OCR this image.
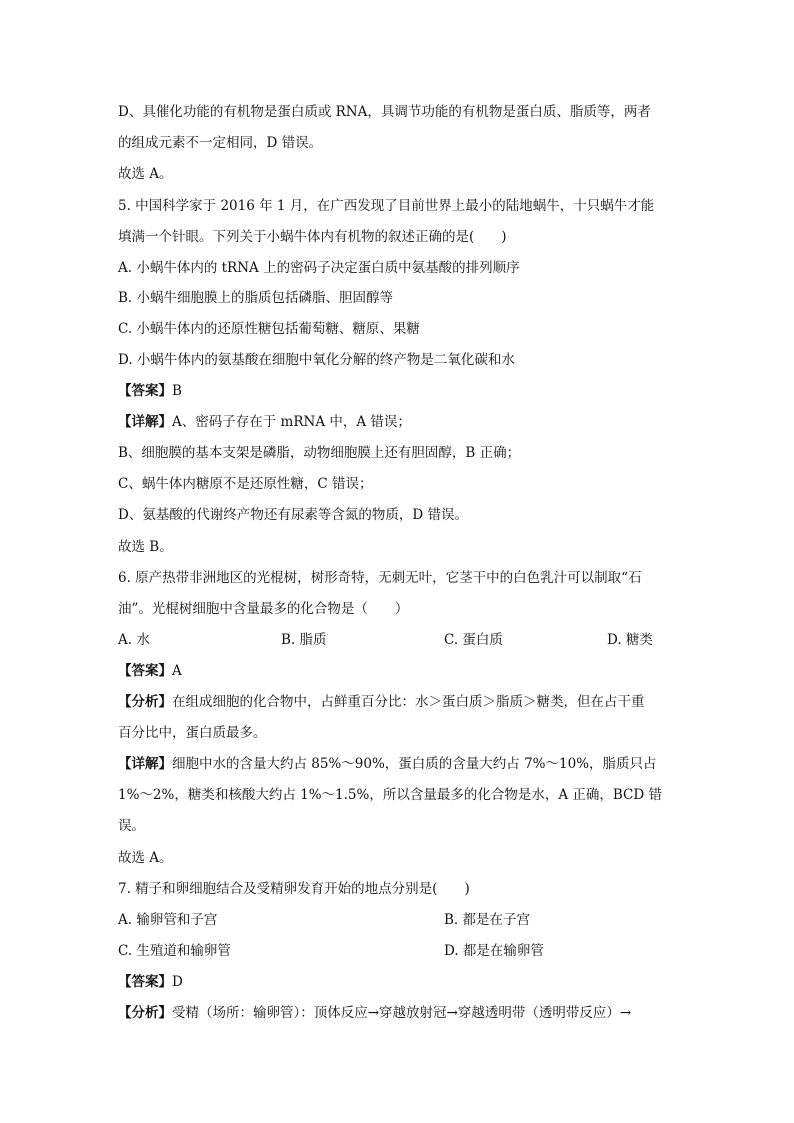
D、具催化功能的有机物是蛋白质或 RNA，具调节功能的有机物是蛋白质、脂质等，两者
的组成元素不一定相同，D 错误。
故选 A。
5. 中国科学家于 2016 年 1 月，在广西发现了目前世界上最小的陆地蜗牛，十只蜗牛才能
填满一个针眼。下列关于小蜗牛体内有机物的叙述正确的是(　　)
A. 小蜗牛体内的 tRNA 上的密码子决定蛋白质中氨基酸的排列顺序
B. 小蜗牛细胞膜上的脂质包括磷脂、胆固醇等
C. 小蜗牛体内的还原性糖包括葡萄糖、糖原、果糖
D. 小蜗牛体内的氨基酸在细胞中氧化分解的终产物是二氧化碳和水
【答案】B
【详解】A、密码子存在于 mRNA 中，A 错误；
B、细胞膜的基本支架是磷脂，动物细胞膜上还有胆固醇，B 正确；
C、蜗牛体内糖原不是还原性糖，C 错误；
D、氨基酸的代谢终产物还有尿素等含氮的物质，D 错误。
故选 B。
6. 原产热带非洲地区的光棍树，树形奇特，无刺无叶，它茎干中的白色乳汁可以制取“石
油”。光棍树细胞中含量最多的化合物是（　　）
A. 水	B. 脂质	C. 蛋白质	D. 糖类
【答案】A
【分析】在组成细胞的化合物中，占鲜重百分比：水＞蛋白质＞脂质＞糖类，但在占干重
百分比中，蛋白质最多。
【详解】细胞中水的含量大约占 85%～90%，蛋白质的含量大约占 7%～10%，脂质只占
1%～2%，糖类和核酸大约占 1%～1.5%，所以含量最多的化合物是水，A 正确，BCD 错
误。
故选 A。
7. 精子和卵细胞结合及受精卵发育开始的地点分别是(　　)
A. 输卵管和子宫	B. 都是在子宫
C. 生殖道和输卵管	D. 都是在输卵管
【答案】D
【分析】受精（场所：输卵管）：顶体反应→穿越放射冠→穿越透明带（透明带反应）→
